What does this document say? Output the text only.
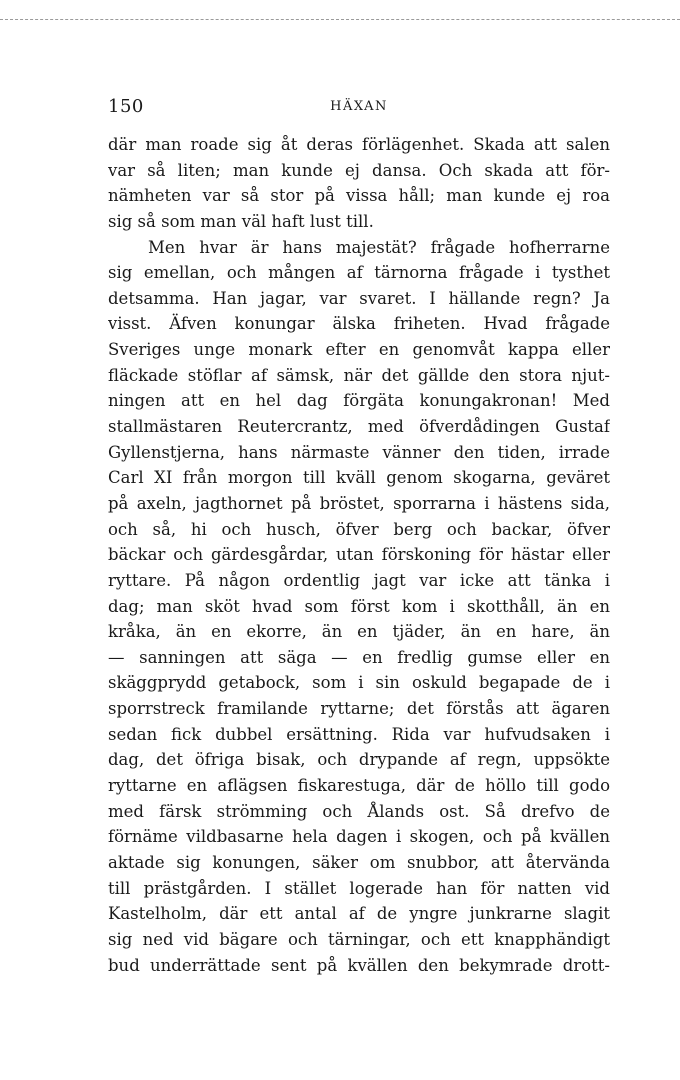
150	HÄXAN
där man roade sig åt deras förlägenhet. Skada att salen
var så liten; man kunde ej dansa. Och skada att för-
nämheten var så stor på vissa håll; man kunde ej roa
sig så som man väl haft lust till.
Men hvar är hans majestät? frågade hofherrarne
sig emellan, och mången af tärnorna frågade i tysthet
detsamma. Han jagar, var svaret. I hällande regn? Ja
visst. Äfven konungar älska friheten. Hvad frågade
Sveriges unge monark efter en genomvåt kappa eller
fläckade stöflar af sämsk, när det gällde den stora njut-
ningen att en hel dag förgäta konungakronan! Med
stallmästaren Reutercrantz, med öfverdådingen Gustaf
Gyllenstjerna, hans närmaste vänner den tiden, irrade
Carl XI från morgon till kväll genom skogarna, geväret
på axeln, jagthornet på bröstet, sporrarna i hästens sida,
och så, hi och husch, öfver berg och backar, öfver
bäckar och gärdesgårdar, utan förskoning för hästar eller
ryttare. På någon ordentlig jagt var icke att tänka i
dag; man sköt hvad som först kom i skotthåll, än en
kråka, än en ekorre, än en tjäder, än en hare, än
— sanningen att säga — en fredlig gumse eller en
skäggprydd getabock, som i sin oskuld begapade de i
sporrstreck framilande ryttarne; det förstås att ägaren
sedan fick dubbel ersättning. Rida var hufvudsaken i
dag, det öfriga bisak, och drypande af regn, uppsökte
ryttarne en aflägsen fiskarestuga, där de höllo till godo
med färsk strömming och Ålands ost. Så drefvo de
förnäme vildbasarne hela dagen i skogen, och på kvällen
aktade sig konungen, säker om snubbor, att återvända
till prästgården. I stället logerade han för natten vid
Kastelholm, där ett antal af de yngre junkrarne slagit
sig ned vid bägare och tärningar, och ett knapphändigt
bud underrättade sent på kvällen den bekymrade drott-
